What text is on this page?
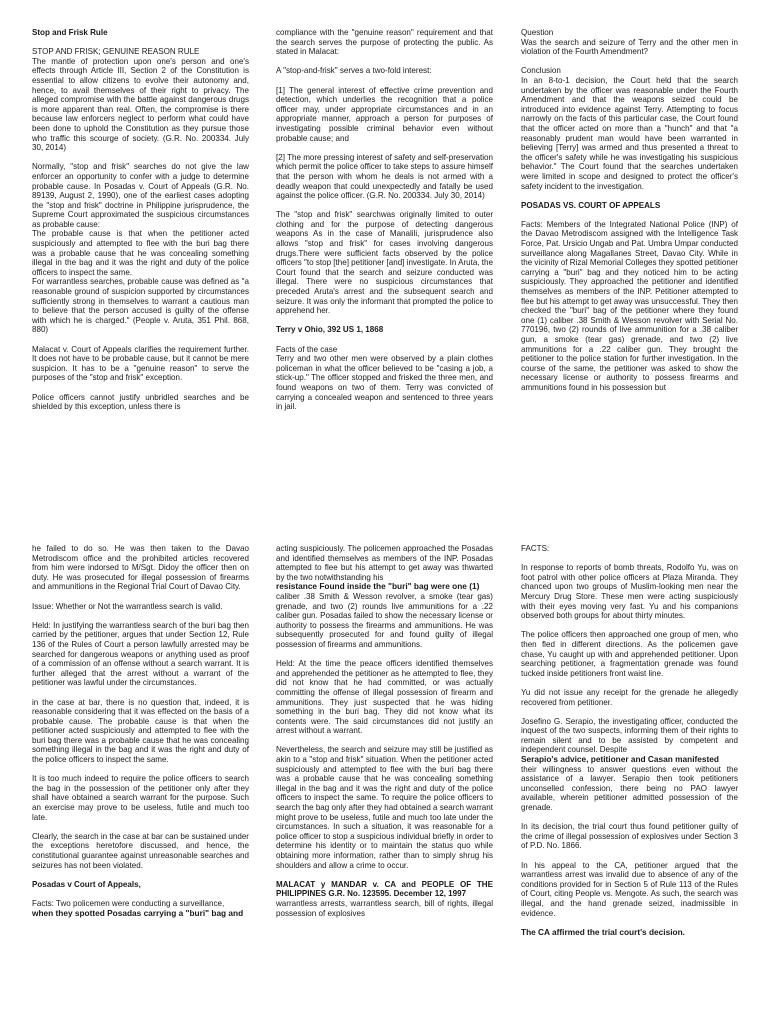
Stop and Frisk Rule

STOP AND FRISK; GENUINE REASON RULE

The mantle of protection upon one's person and one's effects through Article III, Section 2 of the Constitution is essential to allow citizens to evolve their autonomy and, hence, to avail themselves of their right to privacy. The alleged compromise with the battle against dangerous drugs is more apparent than real. Often, the compromise is there because law enforcers neglect to perform what could have been done to uphold the Constitution as they pursue those who traffic this scourge of society. (G.R. No. 200334. July 30, 2014)

Normally, "stop and frisk" searches do not give the law enforcer an opportunity to confer with a judge to determine probable cause. In Posadas v. Court of Appeals (G.R. No. 89139, August 2, 1990), one of the earliest cases adopting the "stop and frisk" doctrine in Philippine jurisprudence, the Supreme Court approximated the suspicious circumstances as probable cause:

The probable cause is that when the petitioner acted suspiciously and attempted to flee with the buri bag there was a probable cause that he was concealing something illegal in the bag and it was the right and duty of the police officers to inspect the same.

For warrantless searches, probable cause was defined as "a reasonable ground of suspicion supported by circumstances sufficiently strong in themselves to warrant a cautious man to believe that the person accused is guilty of the offense with which he is charged." (People v. Aruta, 351 Phil. 868, 880)

Malacat v. Court of Appeals clarifies the requirement further. It does not have to be probable cause, but it cannot be mere suspicion. It has to be a "genuine reason" to serve the purposes of the "stop and frisk" exception.

Police officers cannot justify unbridled searches and be shielded by this exception, unless there is

compliance with the "genuine reason" requirement and that the search serves the purpose of protecting the public. As stated in Malacat:

A "stop-and-frisk" serves a two-fold interest:

[1] The general interest of effective crime prevention and detection, which underlies the recognition that a police officer may, under appropriate circumstances and in an appropriate manner, approach a person for purposes of investigating possible criminal behavior even without probable cause; and

[2] The more pressing interest of safety and self-preservation which permit the police officer to take steps to assure himself that the person with whom he deals is not armed with a deadly weapon that could unexpectedly and fatally be used against the police officer. (G.R. No. 200334. July 30, 2014)

The "stop and frisk" searchwas originally limited to outer clothing and for the purpose of detecting dangerous weapons As in the case of Manalili, jurisprudence also allows "stop and frisk" for cases involving dangerous drugs.There were sufficient facts observed by the police officers "to stop [the] petitioner [and] investigate. In Aruta, the Court found that the search and seizure conducted was illegal. There were no suspicious circumstances that preceded Aruta's arrest and the subsequent search and seizure. It was only the informant that prompted the police to apprehend her.

Terry v Ohio, 392 US 1, 1868

Facts of the case

Terry and two other men were observed by a plain clothes policeman in what the officer believed to be "casing a job, a stick-up." The officer stopped and frisked the three men, and found weapons on two of them. Terry was convicted of carrying a concealed weapon and sentenced to three years in jail.

Question

Was the search and seizure of Terry and the other men in violation of the Fourth Amendment?

Conclusion

In an 8-to-1 decision, the Court held that the search undertaken by the officer was reasonable under the Fourth Amendment and that the weapons seized could be introduced into evidence against Terry. Attempting to focus narrowly on the facts of this particular case, the Court found that the officer acted on more than a "hunch" and that "a reasonably prudent man would have been warranted in believing [Terry] was armed and thus presented a threat to the officer's safety while he was investigating his suspicious behavior." The Court found that the searches undertaken were limited in scope and designed to protect the officer's safety incident to the investigation.

POSADAS VS. COURT OF APPEALS

Facts: Members of the Integrated National Police (INP) of the Davao Metrodiscom assigned with the Intelligence Task Force, Pat. Ursicio Ungab and Pat. Umbra Umpar conducted surveillance along Magallanes Street, Davao City. While in the vicinity of Rizal Memorial Colleges they spotted petitioner carrying a "buri" bag and they noticed him to be acting suspiciously. They approached the petitioner and identified themselves as members of the INP. Petitioner attempted to flee but his attempt to get away was unsuccessful. They then checked the "buri" bag of the petitioner where they found one (1) caliber .38 Smith & Wesson revolver with Serial No. 770196, two (2) rounds of live ammunition for a .38 caliber gun, a smoke (tear gas) grenade, and two (2) live ammunitions for a .22 caliber gun. They brought the petitioner to the police station for further investigation. In the course of the same, the petitioner was asked to show the necessary license or authority to possess firearms and ammunitions found in his possession but

he failed to do so. He was then taken to the Davao Metrodiscom office and the prohibited articles recovered from him were indorsed to M/Sgt. Didoy the officer then on duty. He was prosecuted for illegal possession of firearms and ammunitions in the Regional Trial Court of Davao City.

Issue: Whether or Not the warrantless search is valid.

Held: In justifying the warrantless search of the buri bag then carried by the petitioner, argues that under Section 12, Rule 136 of the Rules of Court a person lawfully arrested may be searched for dangerous weapons or anything used as proof of a commission of an offense without a search warrant. It is further alleged that the arrest without a warrant of the petitioner was lawful under the circumstances.

in the case at bar, there is no question that, indeed, it is reasonable considering that it was effected on the basis of a probable cause. The probable cause is that when the petitioner acted suspiciously and attempted to flee with the buri bag there was a probable cause that he was concealing something illegal in the bag and it was the right and duty of the police officers to inspect the same.

It is too much indeed to require the police officers to search the bag in the possession of the petitioner only after they shall have obtained a search warrant for the purpose. Such an exercise may prove to be useless, futile and much too late.

Clearly, the search in the case at bar can be sustained under the exceptions heretofore discussed, and hence, the constitutional guarantee against unreasonable searches and seizures has not been violated.

Posadas v Court of Appeals,

Facts: Two policemen were conducting a surveillance,

when they spotted Posadas carrying a "buri" bag and

acting suspiciously. The policemen approached the Posadas and identified themselves as members of the INP. Posadas attempted to flee but his attempt to get away was thwarted by the two notwithstanding his

resistance Found inside the "buri" bag were one (1)

caliber .38 Smith & Wesson revolver, a smoke (tear gas) grenade, and two (2) rounds live ammunitions for a .22 caliber gun. Posadas failed to show the necessary license or authority to possess the firearms and ammunitions. He was subsequently prosecuted for and found guilty of illegal possession of firearms and ammunitions.

Held: At the time the peace officers identified themselves and apprehended the petitioner as he attempted to flee, they did not know that he had committed, or was actually committing the offense of illegal possession of firearm and ammunitions. They just suspected that he was hiding something in the buri bag. They did not know what its contents were. The said circumstances did not justify an arrest without a warrant.

Nevertheless, the search and seizure may still be justified as akin to a "stop and frisk" situation. When the petitioner acted suspiciously and attempted to flee with the buri bag there was a probable cause that he was concealing something illegal in the bag and it was the right and duty of the police officers to inspect the same. To require the police officers to search the bag only after they had obtained a search warrant might prove to be useless, futile and much too late under the circumstances. In such a situation, it was reasonable for a police officer to stop a suspicious individual briefly in order to determine his identity or to maintain the status quo while obtaining more information, rather than to simply shrug his shoulders and allow a crime to occur.

MALACAT y MANDAR v. CA and PEOPLE OF THE PHILIPPINES G.R. No. 123595. December 12, 1997

warrantless arrests, warrantless search, bill of rights, illegal possession of explosives

FACTS:

In response to reports of bomb threats, Rodolfo Yu, was on foot patrol with other police officers at Plaza Miranda. They chanced upon two groups of Muslim-looking men near the Mercury Drug Store. These men were acting suspiciously with their eyes moving very fast. Yu and his companions observed both groups for about thirty minutes.

The police officers then approached one group of men, who then fled in different directions. As the policemen gave chase, Yu caught up with and apprehended petitioner. Upon searching petitioner, a fragmentation grenade was found tucked inside petitioners front waist line.

Yu did not issue any receipt for the grenade he allegedly recovered from petitioner.

Josefino G. Serapio, the investigating officer, conducted the inquest of the two suspects, informing them of their rights to remain silent and to be assisted by competent and independent counsel. Despite

Serapio's advice, petitioner and Casan manifested

their willingness to answer questions even without the assistance of a lawyer. Serapio then took petitioners unconselled confession, there being no PAO lawyer available, wherein petitioner admitted possession of the grenade.

In its decision, the trial court thus found petitioner guilty of the crime of illegal possession of explosives under Section 3 of P.D. No. 1866.

In his appeal to the CA, petitioner argued that the warrantless arrest was invalid due to absence of any of the conditions provided for in Section 5 of Rule 113 of the Rules of Court, citing People vs. Mengote. As such, the search was illegal, and the hand grenade seized, inadmissible in evidence.

The CA affirmed the trial court's decision.
